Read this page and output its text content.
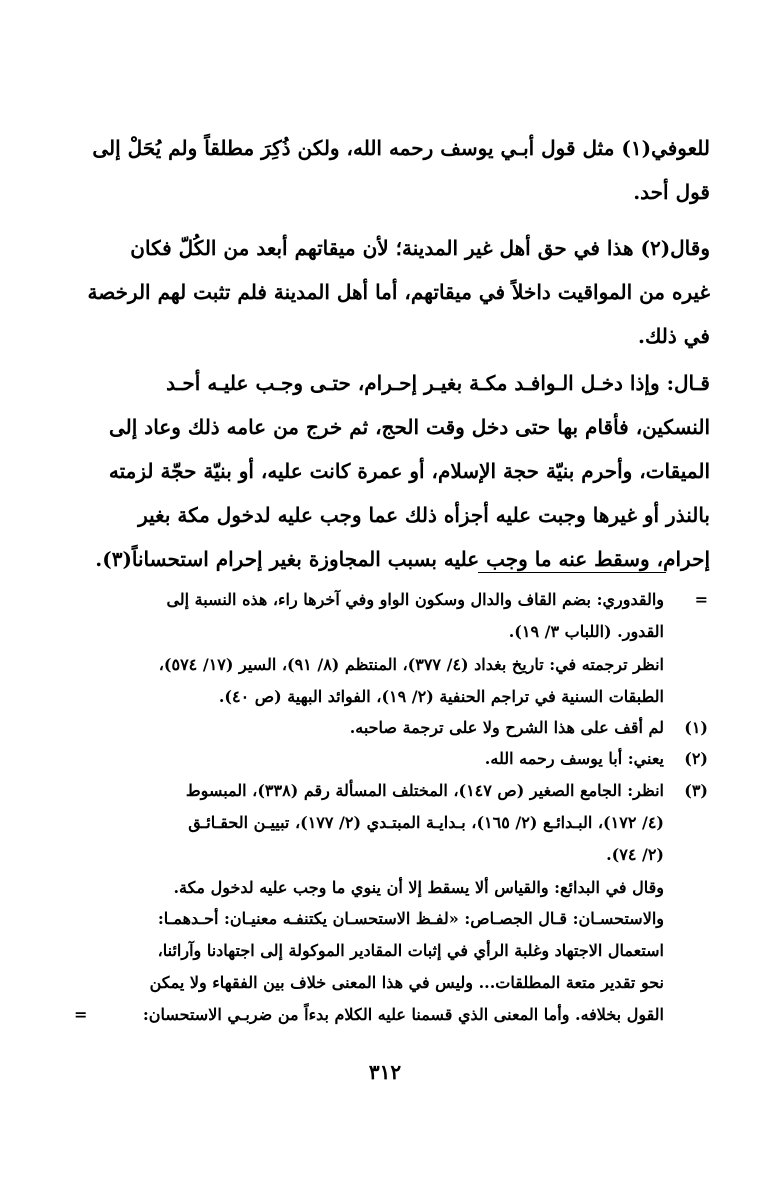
للعوفي(١) مثل قول أبـي يوسف رحمه الله، ولكن ذُكِرَ مطلقاً ولم يُحَلْ إلى
قول أحد.
وقال(٢) هذا في حق أهل غير المدينة؛ لأن ميقاتهم أبعد من الكُلّ فكان
غيره من المواقيت داخلاً في ميقاتهم، أما أهل المدينة فلم تثبت لهم الرخصة
في ذلك.
قـال: وإذا دخـل الـوافـد مكـة بغيـر إحـرام، حتـى وجـب عليـه أحـد
النسكين، فأقام بها حتى دخل وقت الحج، ثم خرج من عامه ذلك وعاد إلى
الميقات، وأحرم بنيّة حجة الإسلام، أو عمرة كانت عليه، أو بنيّة حجّة لزمته
بالنذر أو غيرها وجبت عليه أجزأه ذلك عما وجب عليه لدخول مكة بغير
إحرام، وسقط عنه ما وجب عليه بسبب المجاوزة بغير إحرام استحساناً(٣).
=
والقدوري: بضم القاف والدال وسكون الواو وفي آخرها راء، هذه النسبة إلى
القدور. (اللباب ٣/ ١٩).
انظر ترجمته في: تاريخ بغداد (٤/ ٣٧٧)، المنتظم (٨/ ٩١)، السير (١٧/ ٥٧٤)،
الطبقات السنية في تراجم الحنفية (٢/ ١٩)، الفوائد البهية (ص ٤٠).
(١)
لم أقف على هذا الشرح ولا على ترجمة صاحبه.
(٢)
يعني: أبا يوسف رحمه الله.
(٣)
انظر: الجامع الصغير (ص ١٤٧)، المختلف المسألة رقم (٣٣٨)، المبسوط
(٤/ ١٧٢)، البـدائـع (٢/ ١٦٥)، بـدايـة المبتـدي (٢/ ١٧٧)، تبييـن الحقـائـق
(٢/ ٧٤).
وقال في البدائع: والقياس ألا يسقط إلا أن ينوي ما وجب عليه لدخول مكة.
والاستحسـان: قـال الجصـاص: «لفـظ الاستحسـان يكتنفـه معنيـان: أحـدهمـا:
استعمال الاجتهاد وغلبة الرأي في إثبات المقادير الموكولة إلى اجتهادنا وآرائنا،
نحو تقدير متعة المطلقات... وليس في هذا المعنى خلاف بين الفقهاء ولا يمكن
القول بخلافه. وأما المعنى الذي قسمنا عليه الكلام بدءاً من ضربـي الاستحسان:
=
٣١٢
